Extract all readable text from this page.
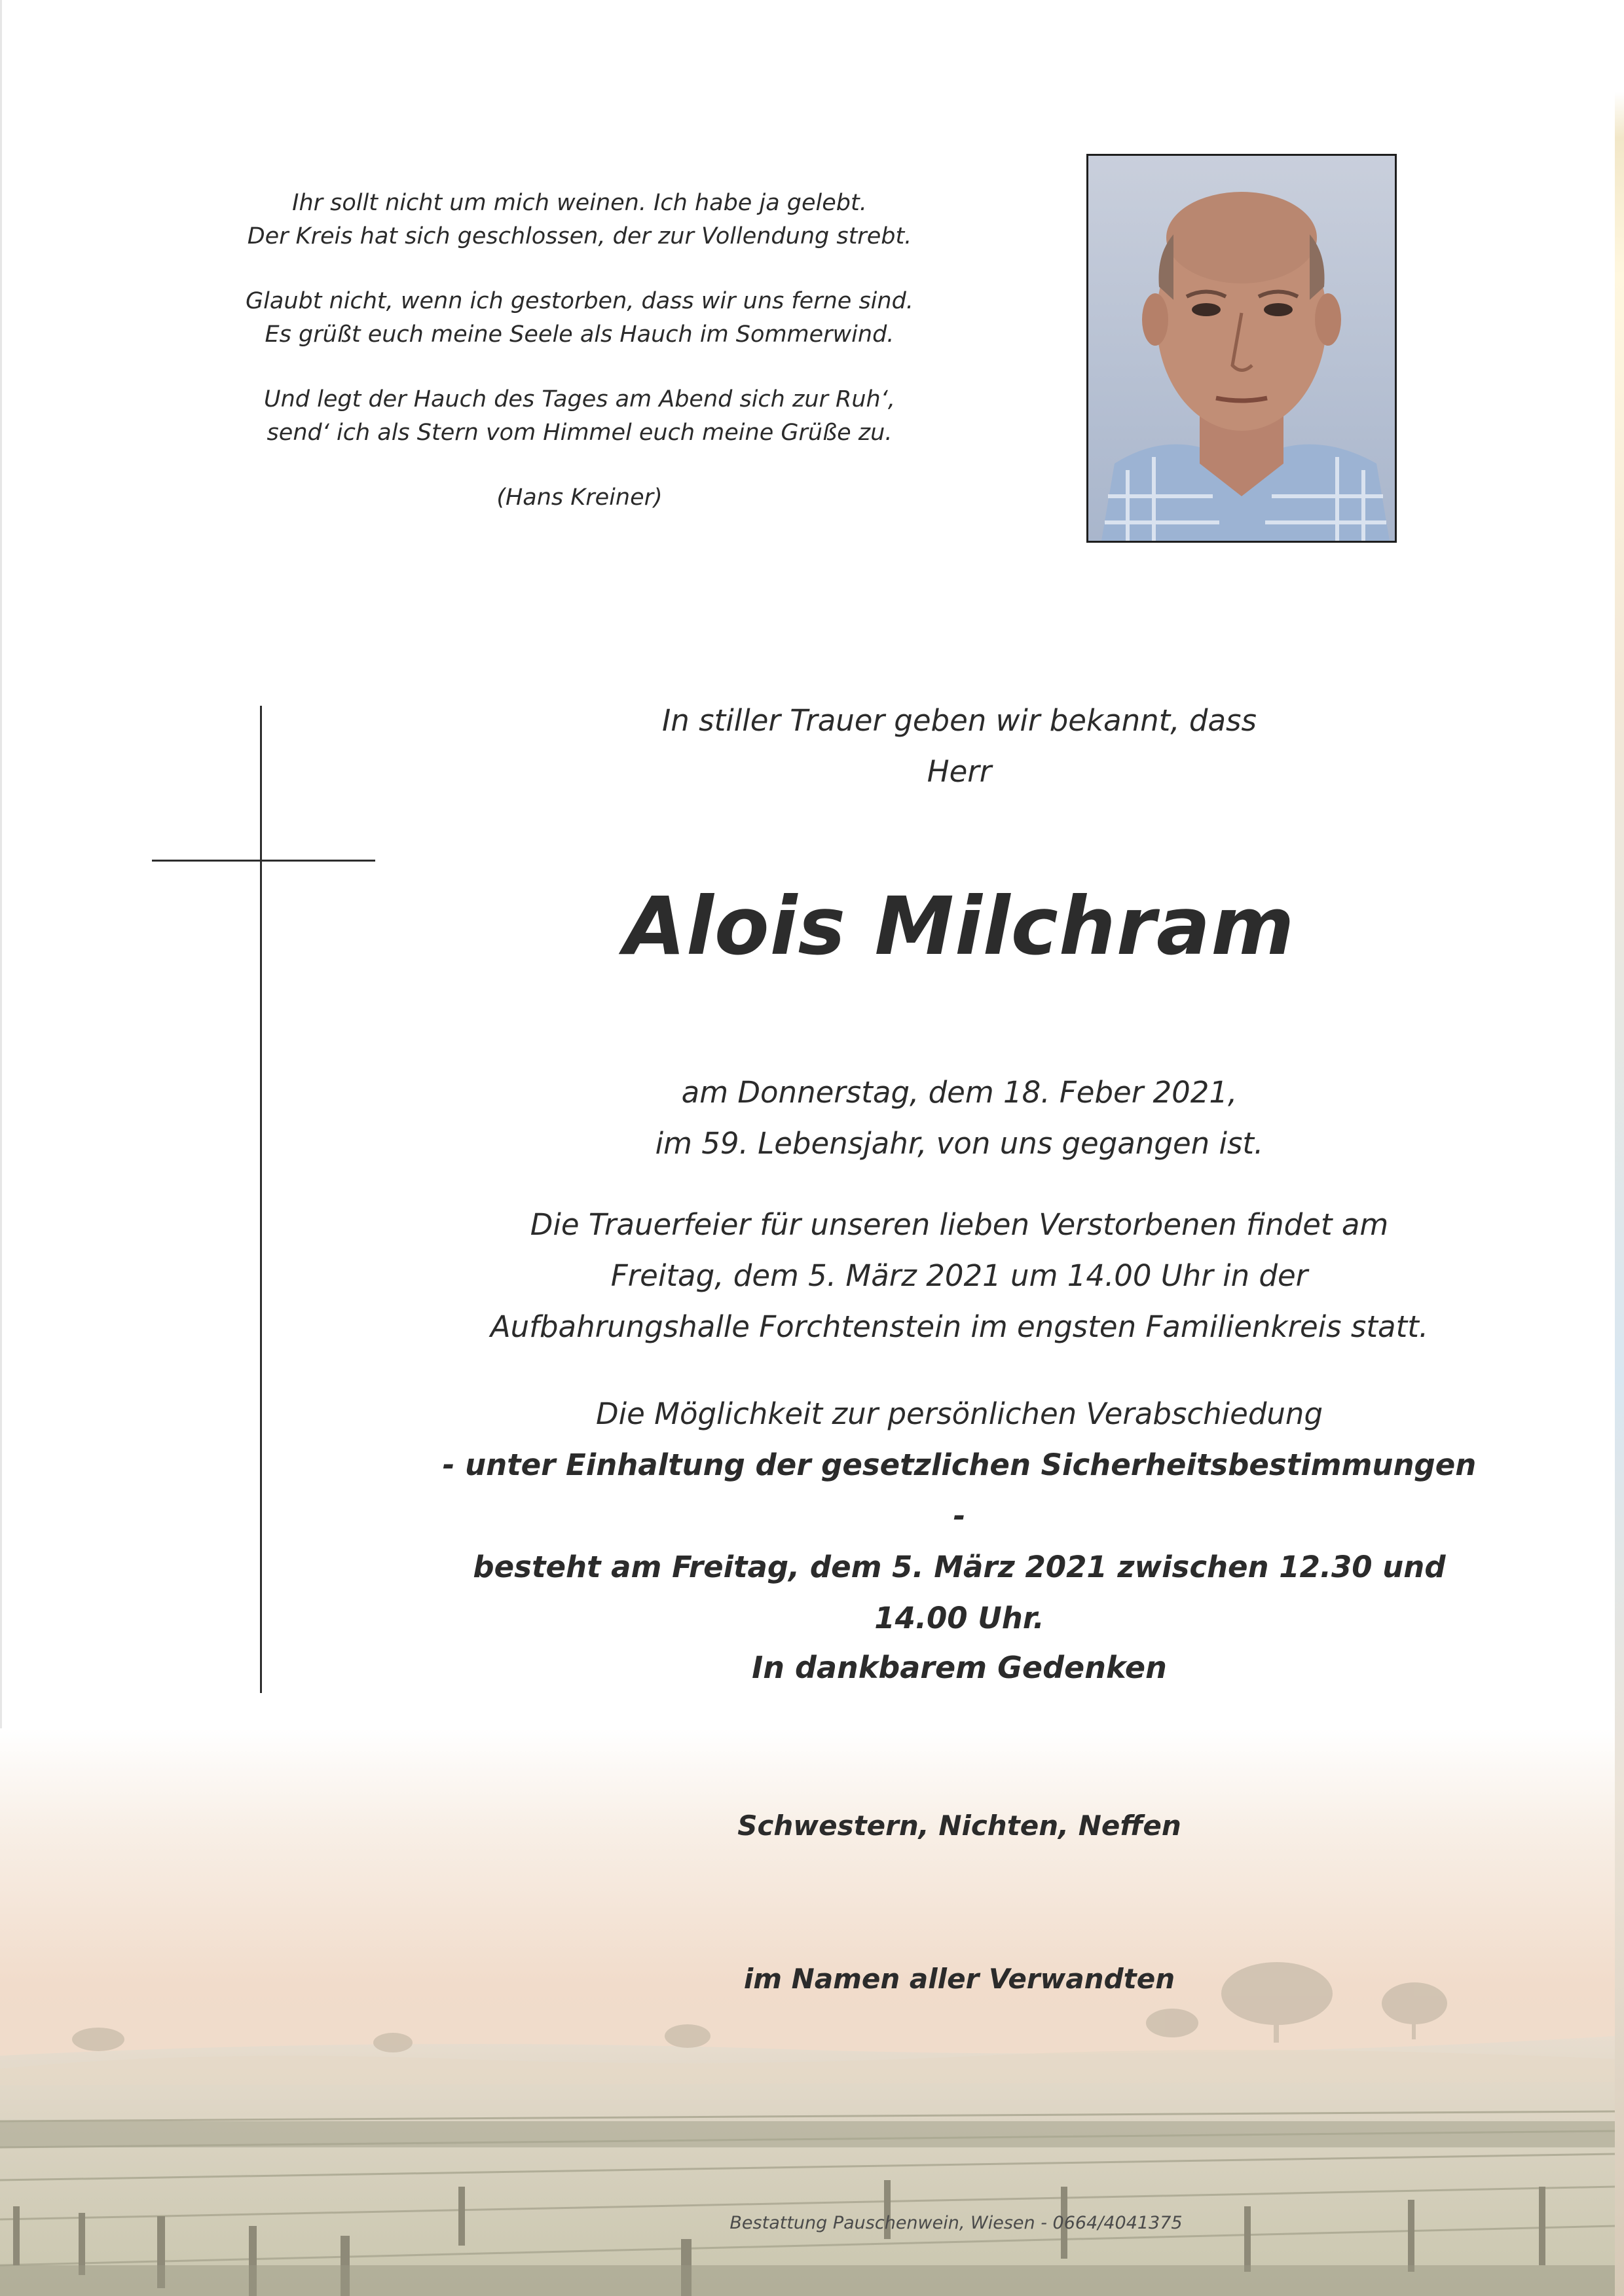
Ihr sollt nicht um mich weinen. Ich habe ja gelebt.
Der Kreis hat sich geschlossen, der zur Vollendung strebt.
Glaubt nicht, wenn ich gestorben, dass wir uns ferne sind.
Es grüßt euch meine Seele als Hauch im Sommerwind.
Und legt der Hauch des Tages am Abend sich zur Ruh‘,
send‘ ich als Stern vom Himmel euch meine Grüße zu.
(Hans Kreiner)
In stiller Trauer geben wir bekannt, dass
Herr
Alois Milchram
am Donnerstag, dem 18. Feber 2021,
im 59. Lebensjahr, von uns gegangen ist.
Die Trauerfeier für unseren lieben Verstorbenen findet am
Freitag, dem 5. März 2021 um 14.00 Uhr in der
Aufbahrungshalle Forchtenstein im engsten Familienkreis statt.
Die Möglichkeit zur persönlichen Verabschiedung
- unter Einhaltung der gesetzlichen Sicherheitsbestimmungen -
besteht am Freitag, dem 5. März 2021 zwischen 12.30 und 14.00 Uhr.
In dankbarem Gedenken
Schwestern, Nichten, Neffen
im Namen aller Verwandten
Bestattung Pauschenwein, Wiesen - 0664/4041375
